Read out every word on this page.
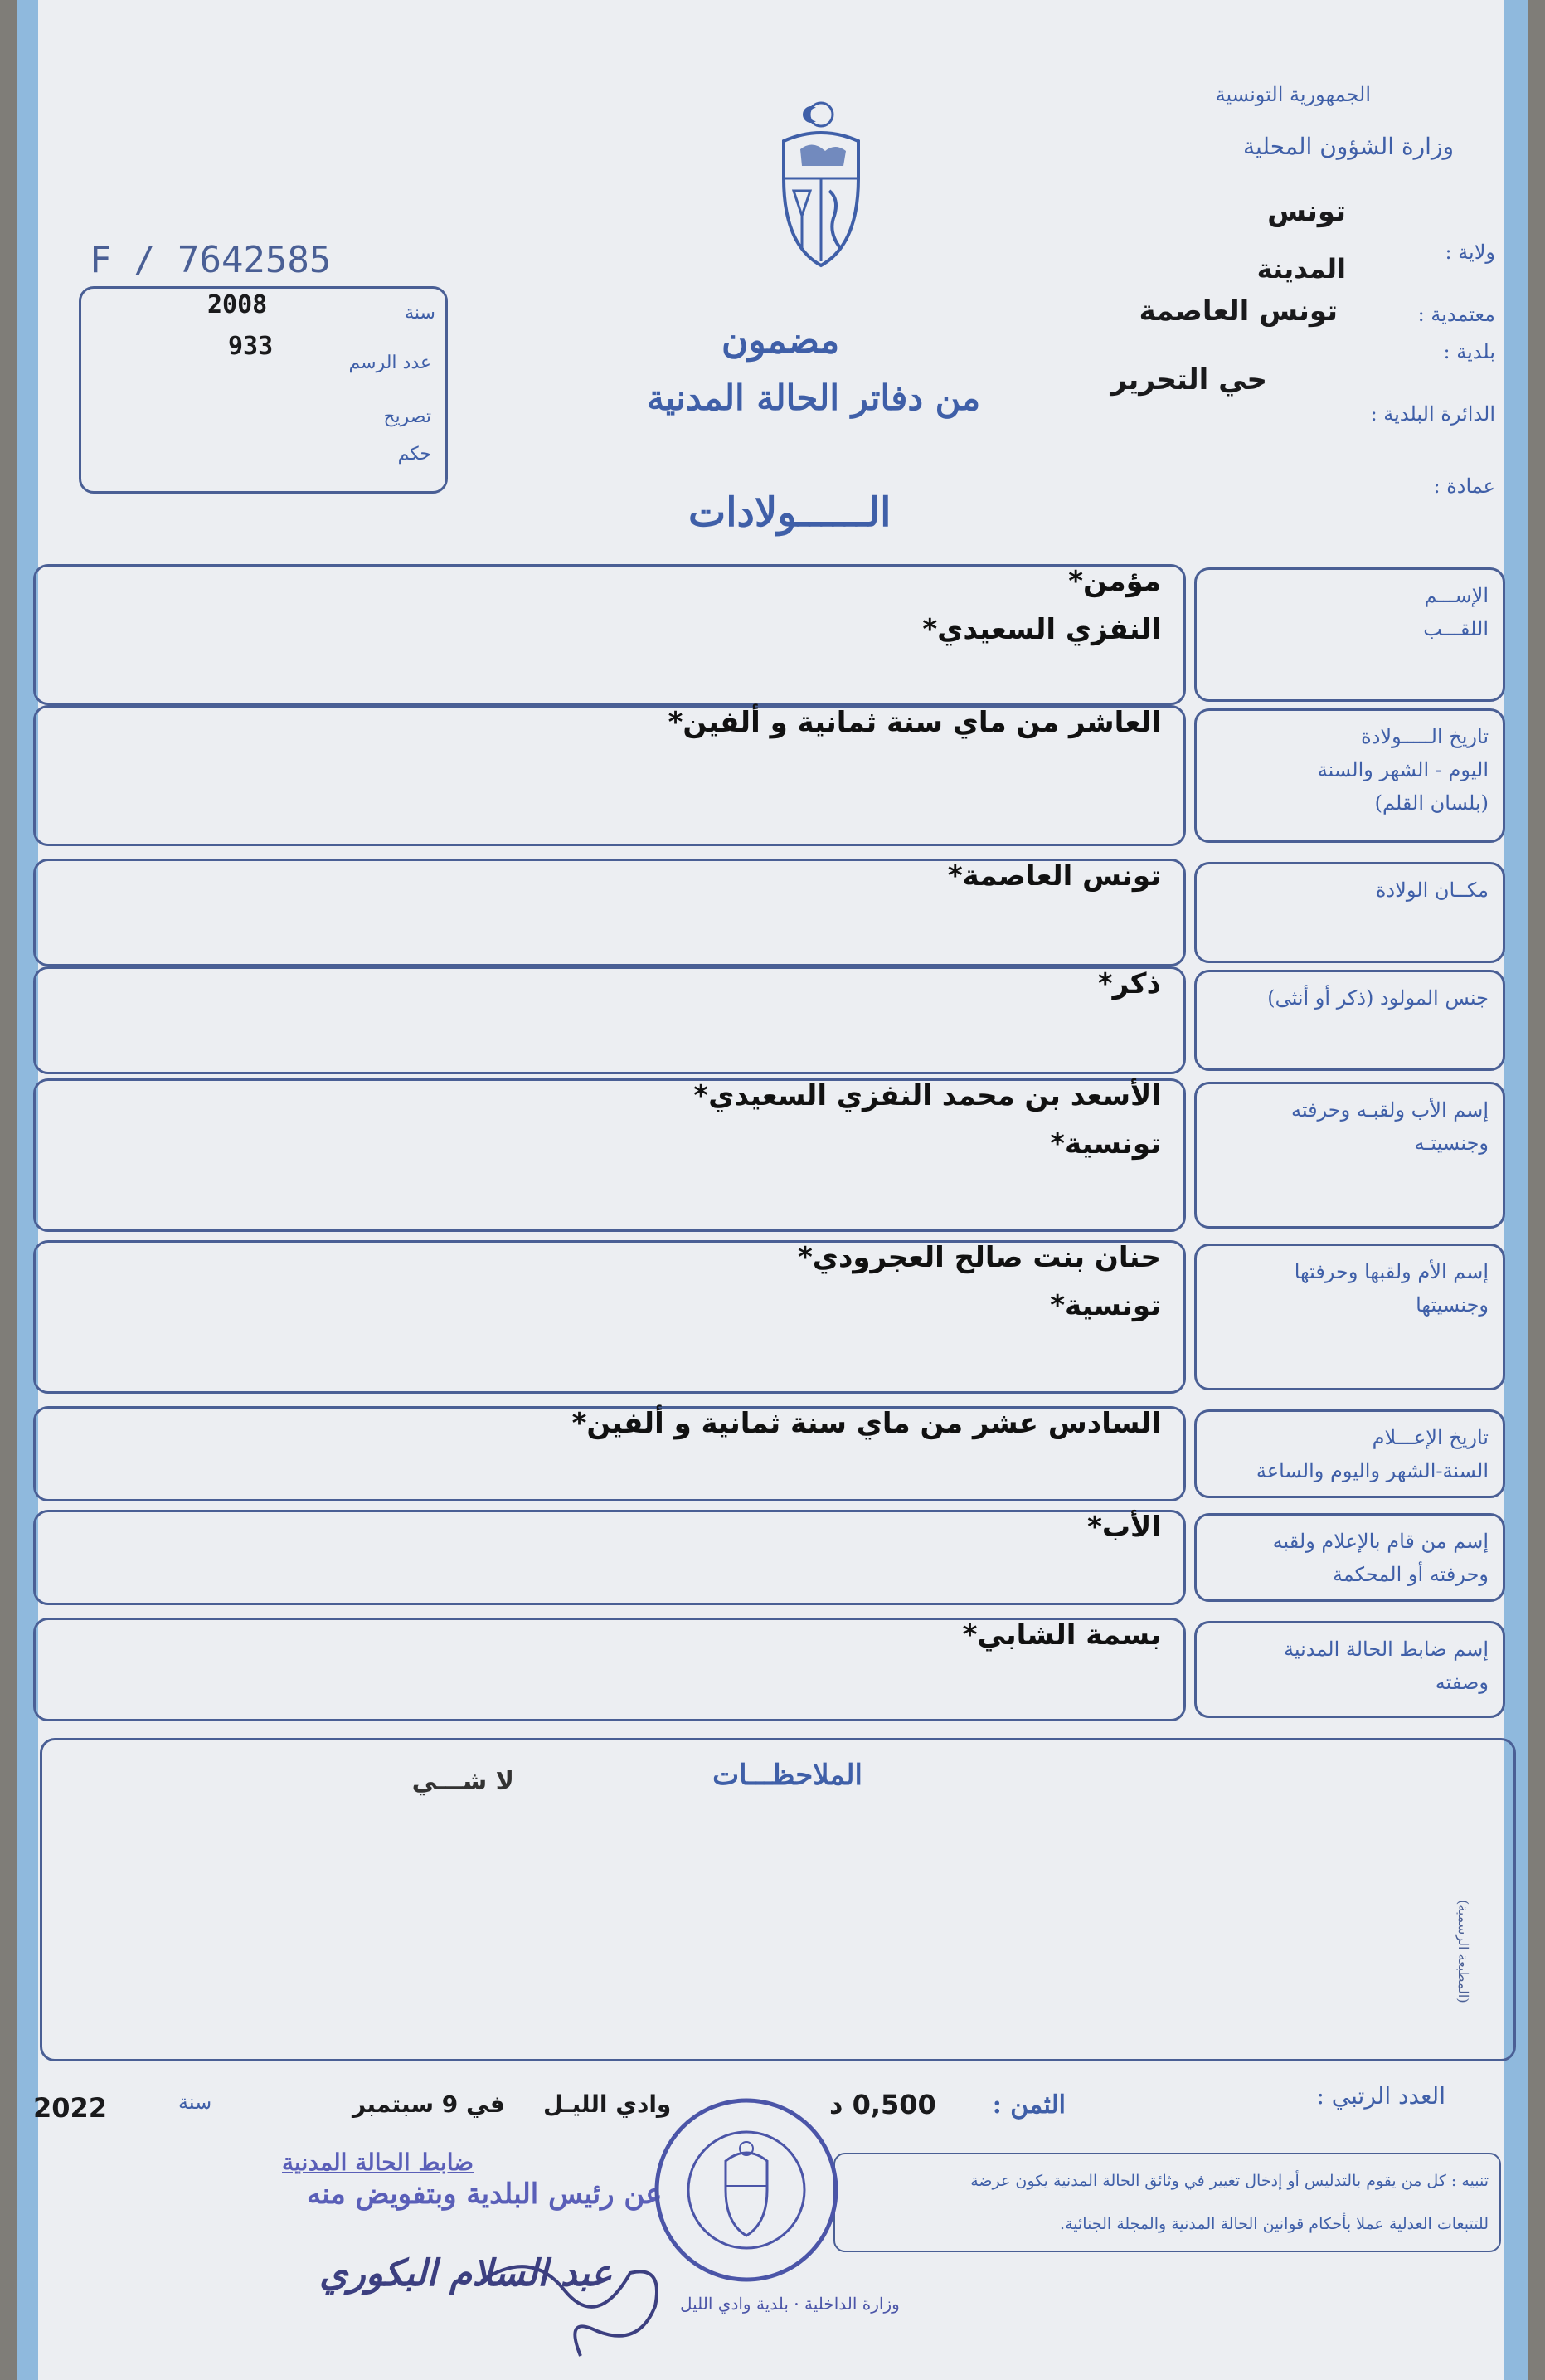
F / 7642585
الجمهورية التونسية
وزارة الشؤون المحلية
ولاية :
تونس
معتمدية :
المدينة
بلدية :
تونس العاصمة
الدائرة البلدية :
حي التحرير
عمادة :
سنة
2008
عدد الرسم
933
تصريح
حكم
مضمون
من دفاتر الحالة المدنية
الــــــولادات
الإســـم
اللقـــب
مؤمن*
النفزي السعيدي*
تاريخ الـــــولادة
اليوم - الشهر والسنة
(بلسان القلم)
العاشر من ماي سنة ثمانية و ألفين*
مكــان الولادة
تونس العاصمة*
جنس المولود (ذكر أو أنثى)
ذكر*
إسم الأب ولقبـه وحرفته
وجنسيتـه
الأسعد بن محمد النفزي السعيدي*
تونسية*
إسم الأم ولقبها وحرفتها
وجنسيتها
حنان بنت صالح العجرودي*
تونسية*
تاريخ الإعـــلام
السنة-الشهر واليوم والساعة
السادس عشر من ماي سنة ثمانية و ألفين*
إسم من قام بالإعلام ولقبه
وحرفته أو المحكمة
الأب*
إسم ضابط الحالة المدنية
وصفته
بسمة الشابي*
الملاحظـــات
لا شـــي
(المطبعة الرسمية)
العدد الرتبي :
الثمن :
0,500 د
وادي الليـل
في 9 سبتمبر
سنة
2022
تنبيه : كل من يقوم بالتدليس أو إدخال تغيير في وثائق الحالة المدنية يكون عرضة
للتتبعات العدلية عملا بأحكام قوانين الحالة المدنية والمجلة الجنائية.
ضابط الحالة المدنية
عن رئيس البلدية وبتفويض منه
عبد السلام البكوري
وزارة الداخلية · بلدية وادي الليل
